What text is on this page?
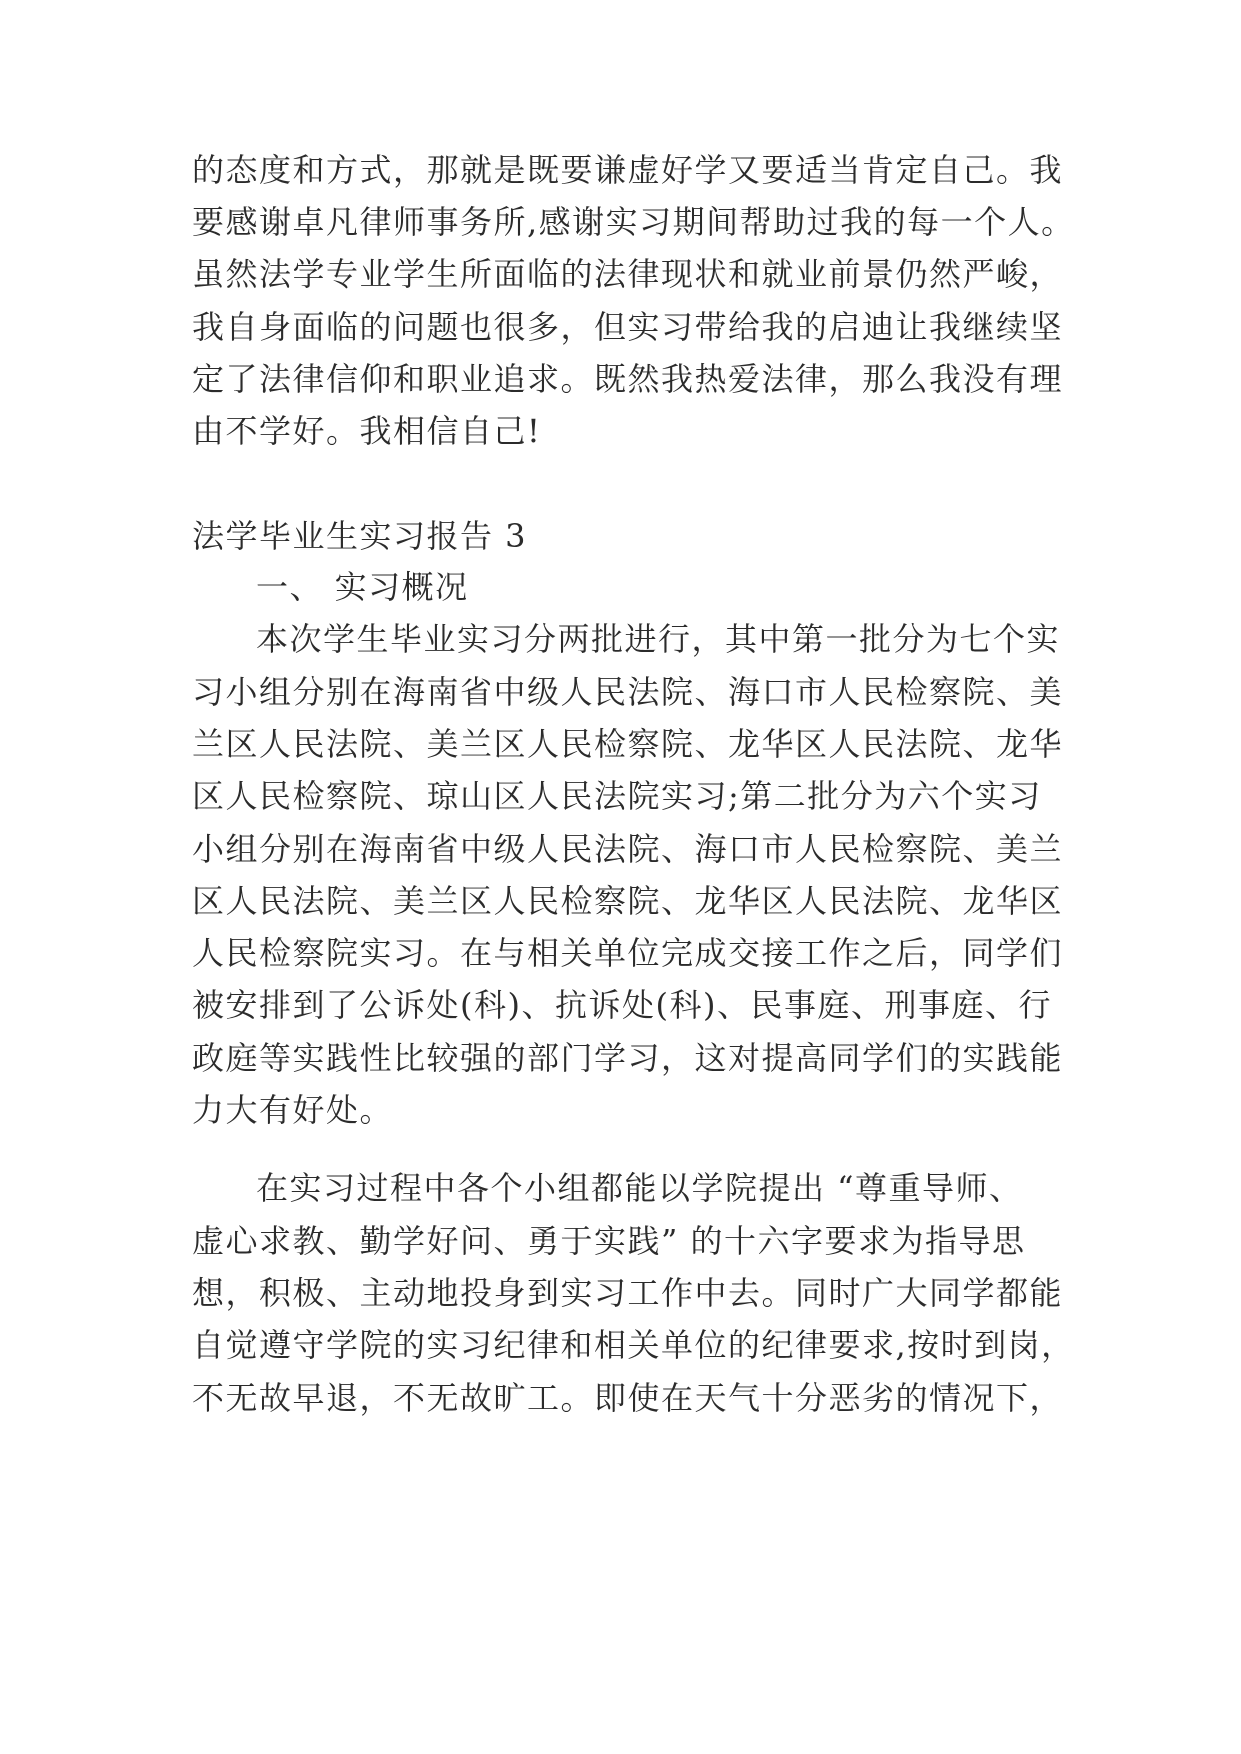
的态度和方式，那就是既要谦虚好学又要适当肯定自己。我
要感谢卓凡律师事务所,感谢实习期间帮助过我的每一个人。
虽然法学专业学生所面临的法律现状和就业前景仍然严峻，
我自身面临的问题也很多，但实习带给我的启迪让我继续坚
定了法律信仰和职业追求。既然我热爱法律，那么我没有理
由不学好。我相信自己!
法学毕业生实习报告 3
一、 实习概况
本次学生毕业实习分两批进行，其中第一批分为七个实
习小组分别在海南省中级人民法院、海口市人民检察院、美
兰区人民法院、美兰区人民检察院、龙华区人民法院、龙华
区人民检察院、琼山区人民法院实习;第二批分为六个实习
小组分别在海南省中级人民法院、海口市人民检察院、美兰
区人民法院、美兰区人民检察院、龙华区人民法院、龙华区
人民检察院实习。在与相关单位完成交接工作之后，同学们
被安排到了公诉处(科)、抗诉处(科)、民事庭、刑事庭、行
政庭等实践性比较强的部门学习，这对提高同学们的实践能
力大有好处。
在实习过程中各个小组都能以学院提出 “尊重导师、
虚心求教、勤学好问、勇于实践” 的十六字要求为指导思
想，积极、主动地投身到实习工作中去。同时广大同学都能
自觉遵守学院的实习纪律和相关单位的纪律要求,按时到岗，
不无故早退，不无故旷工。即使在天气十分恶劣的情况下，
